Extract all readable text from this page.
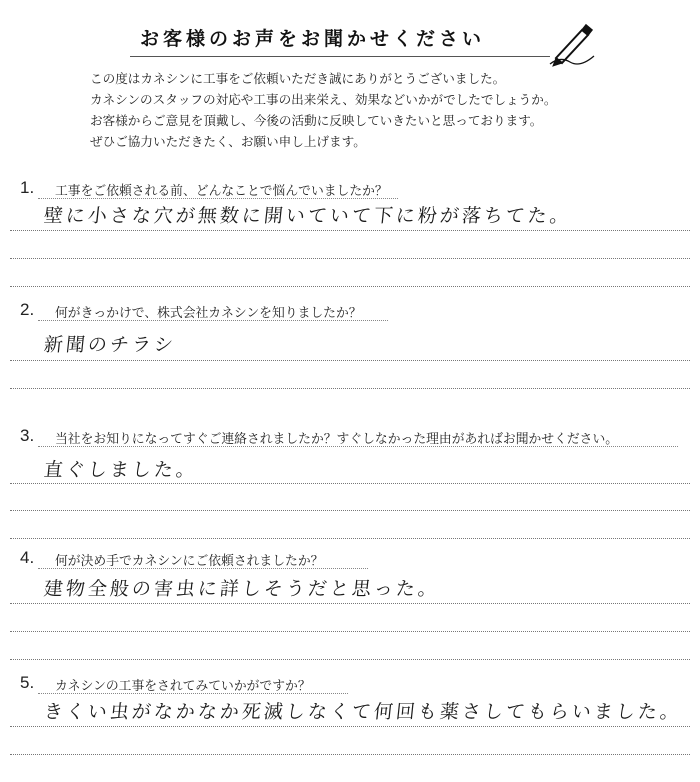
お客様のお声をお聞かせください
この度はカネシンに工事をご依頼いただき誠にありがとうございました。
カネシンのスタッフの対応や工事の出来栄え、効果などいかがでしたでしょうか。
お客様からご意見を頂戴し、今後の活動に反映していきたいと思っております。
ぜひご協力いただきたく、お願い申し上げます。
1. 工事をご依頼される前、どんなことで悩んでいましたか？
壁に小さな穴が無数に開いていて下に粉が落ちてた。
2. 何がきっかけで、株式会社カネシンを知りましたか？
新聞のチラシ
3. 当社をお知りになってすぐご連絡されましたか？すぐしなかった理由があればお聞かせください。
直ぐしました。
4. 何が決め手でカネシンにご依頼されましたか？
建物全般の害虫に詳しそうだと思った。
5. カネシンの工事をされてみていかがですか？
きくい虫がなかなか死滅しなくて何回も薬さしてもらいました。
